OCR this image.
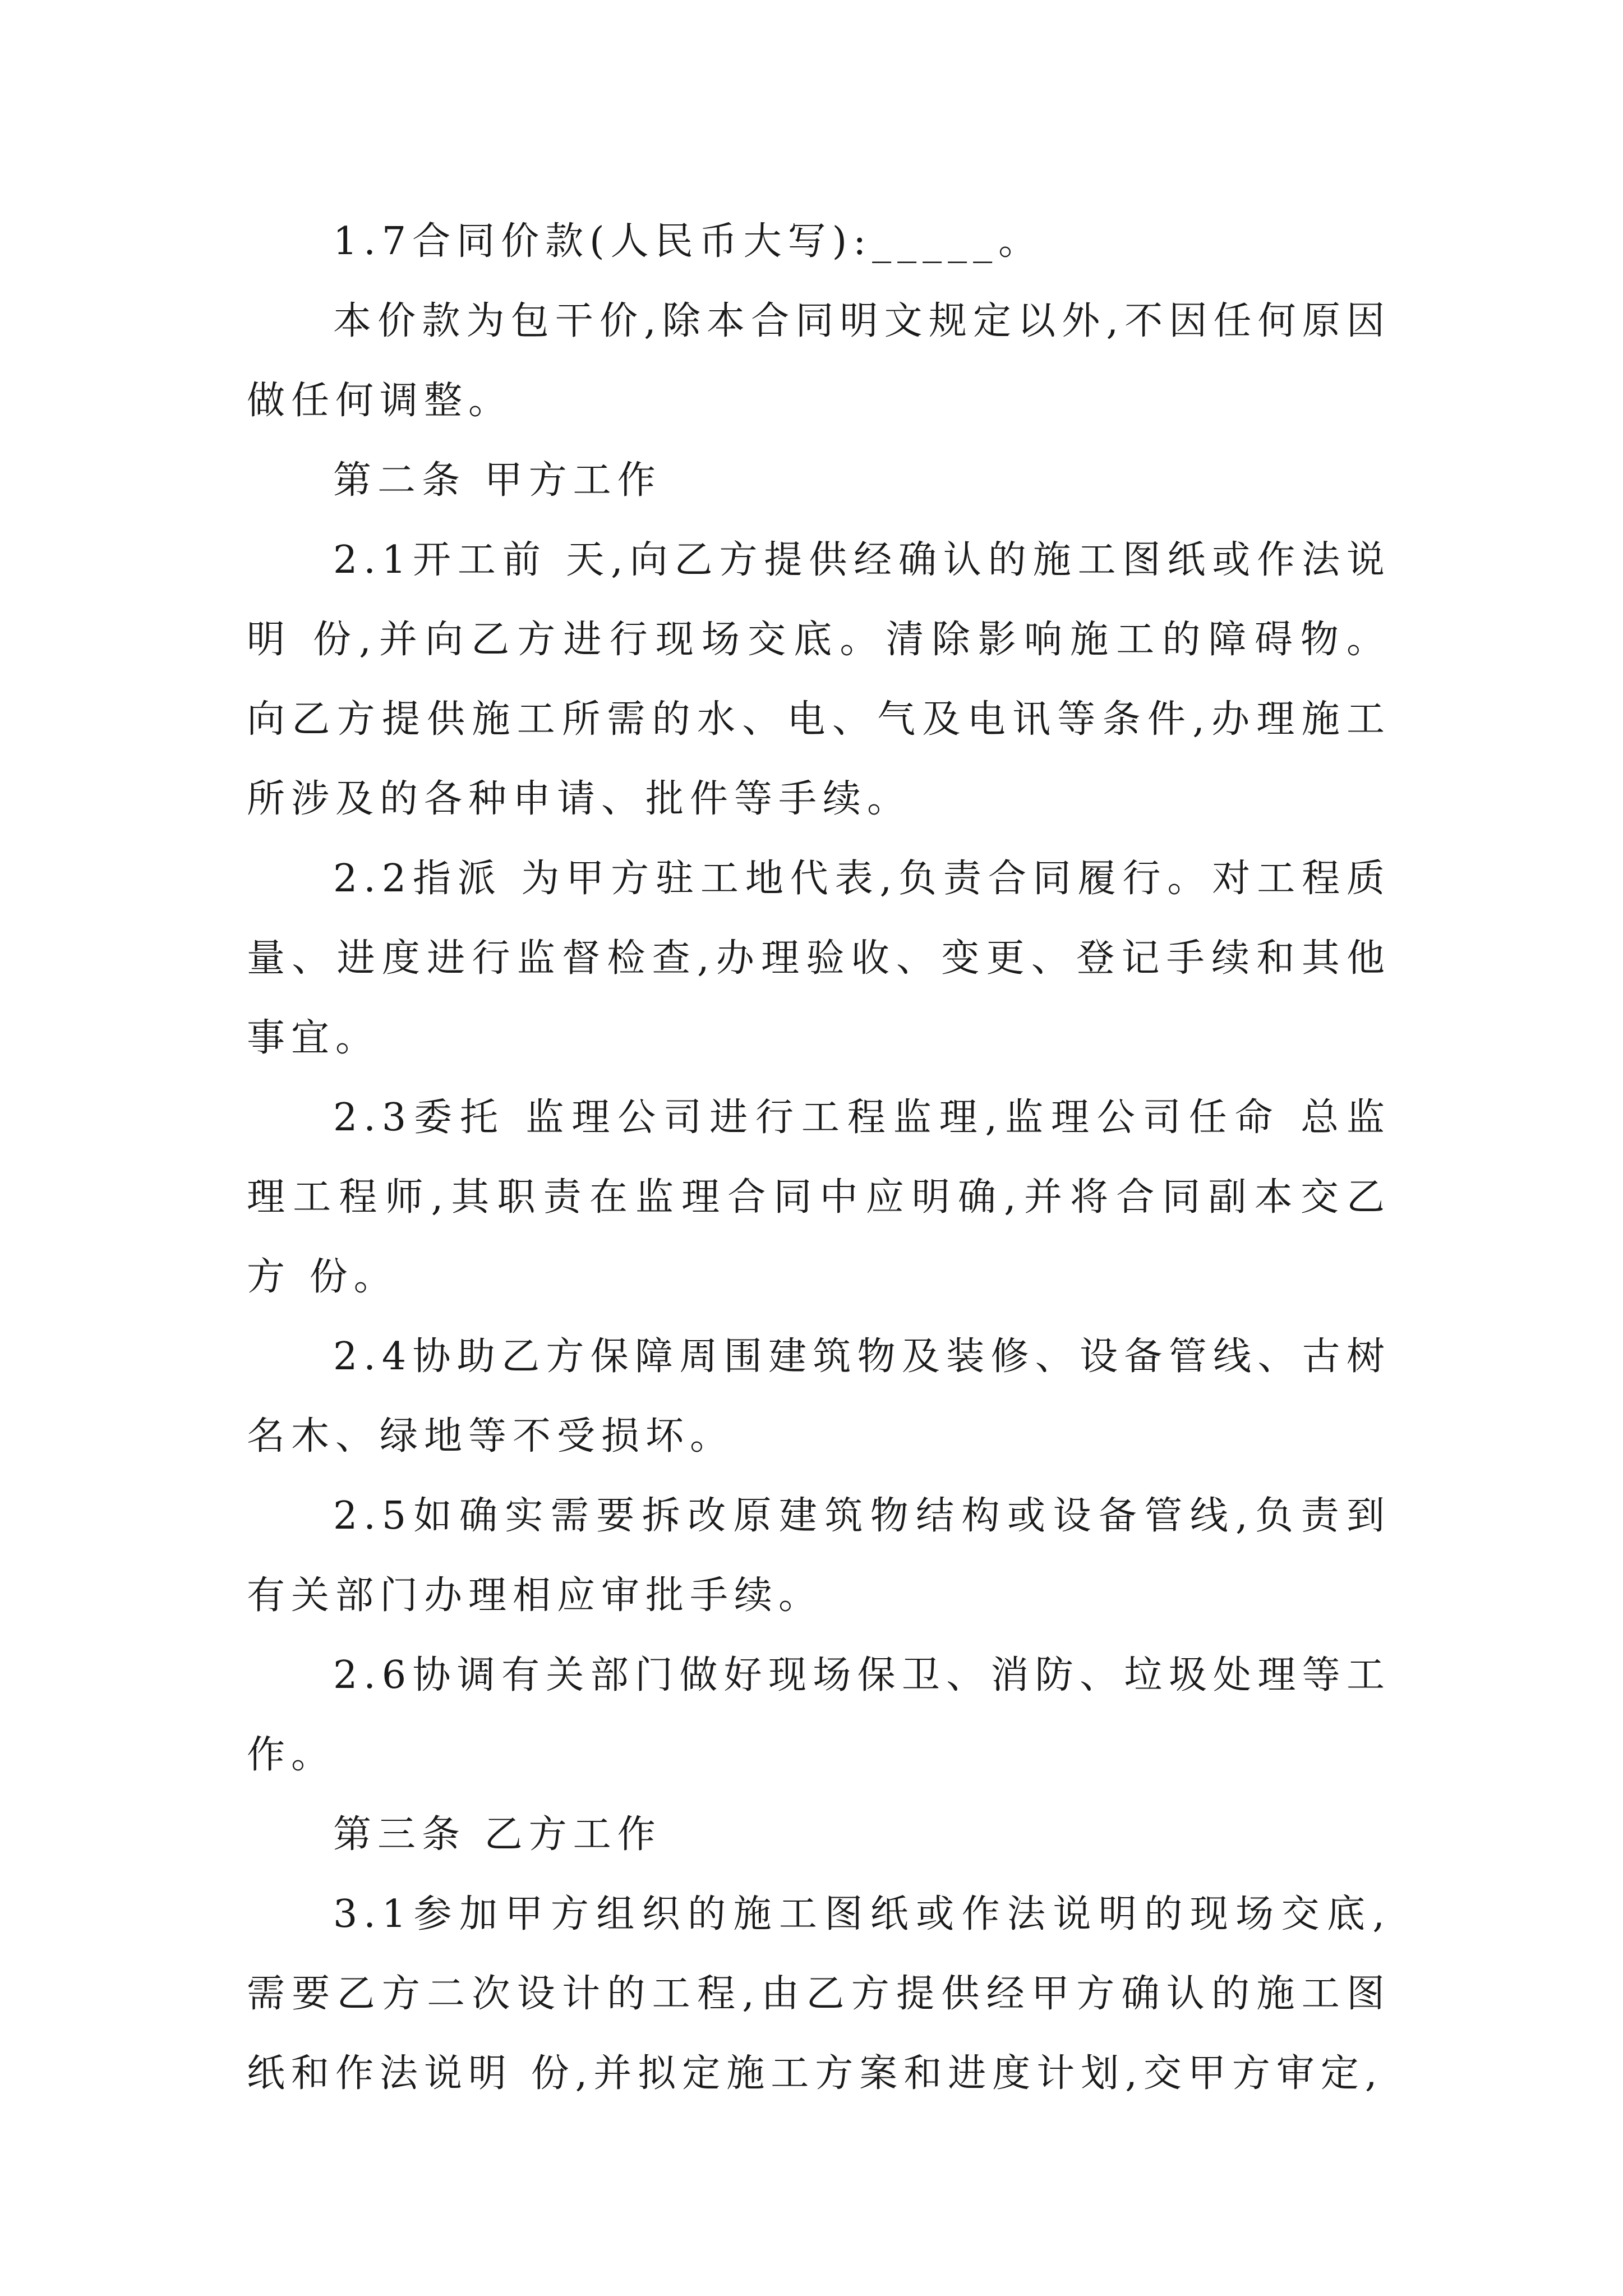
1.7合同价款(人民币大写):_____。

本价款为包干价,除本合同明文规定以外,不因任何原因做任何调整。

第二条 甲方工作

2.1开工前 天,向乙方提供经确认的施工图纸或作法说明 份,并向乙方进行现场交底。清除影响施工的障碍物。向乙方提供施工所需的水、电、气及电讯等条件,办理施工所涉及的各种申请、批件等手续。

2.2指派 为甲方驻工地代表,负责合同履行。对工程质量、进度进行监督检查,办理验收、变更、登记手续和其他事宜。

2.3委托 监理公司进行工程监理,监理公司任命 总监理工程师,其职责在监理合同中应明确,并将合同副本交乙方 份。

2.4协助乙方保障周围建筑物及装修、设备管线、古树名木、绿地等不受损坏。

2.5如确实需要拆改原建筑物结构或设备管线,负责到有关部门办理相应审批手续。

2.6协调有关部门做好现场保卫、消防、垃圾处理等工作。

第三条 乙方工作

3.1参加甲方组织的施工图纸或作法说明的现场交底,需要乙方二次设计的工程,由乙方提供经甲方确认的施工图纸和作法说明 份,并拟定施工方案和进度计划,交甲方审定,
